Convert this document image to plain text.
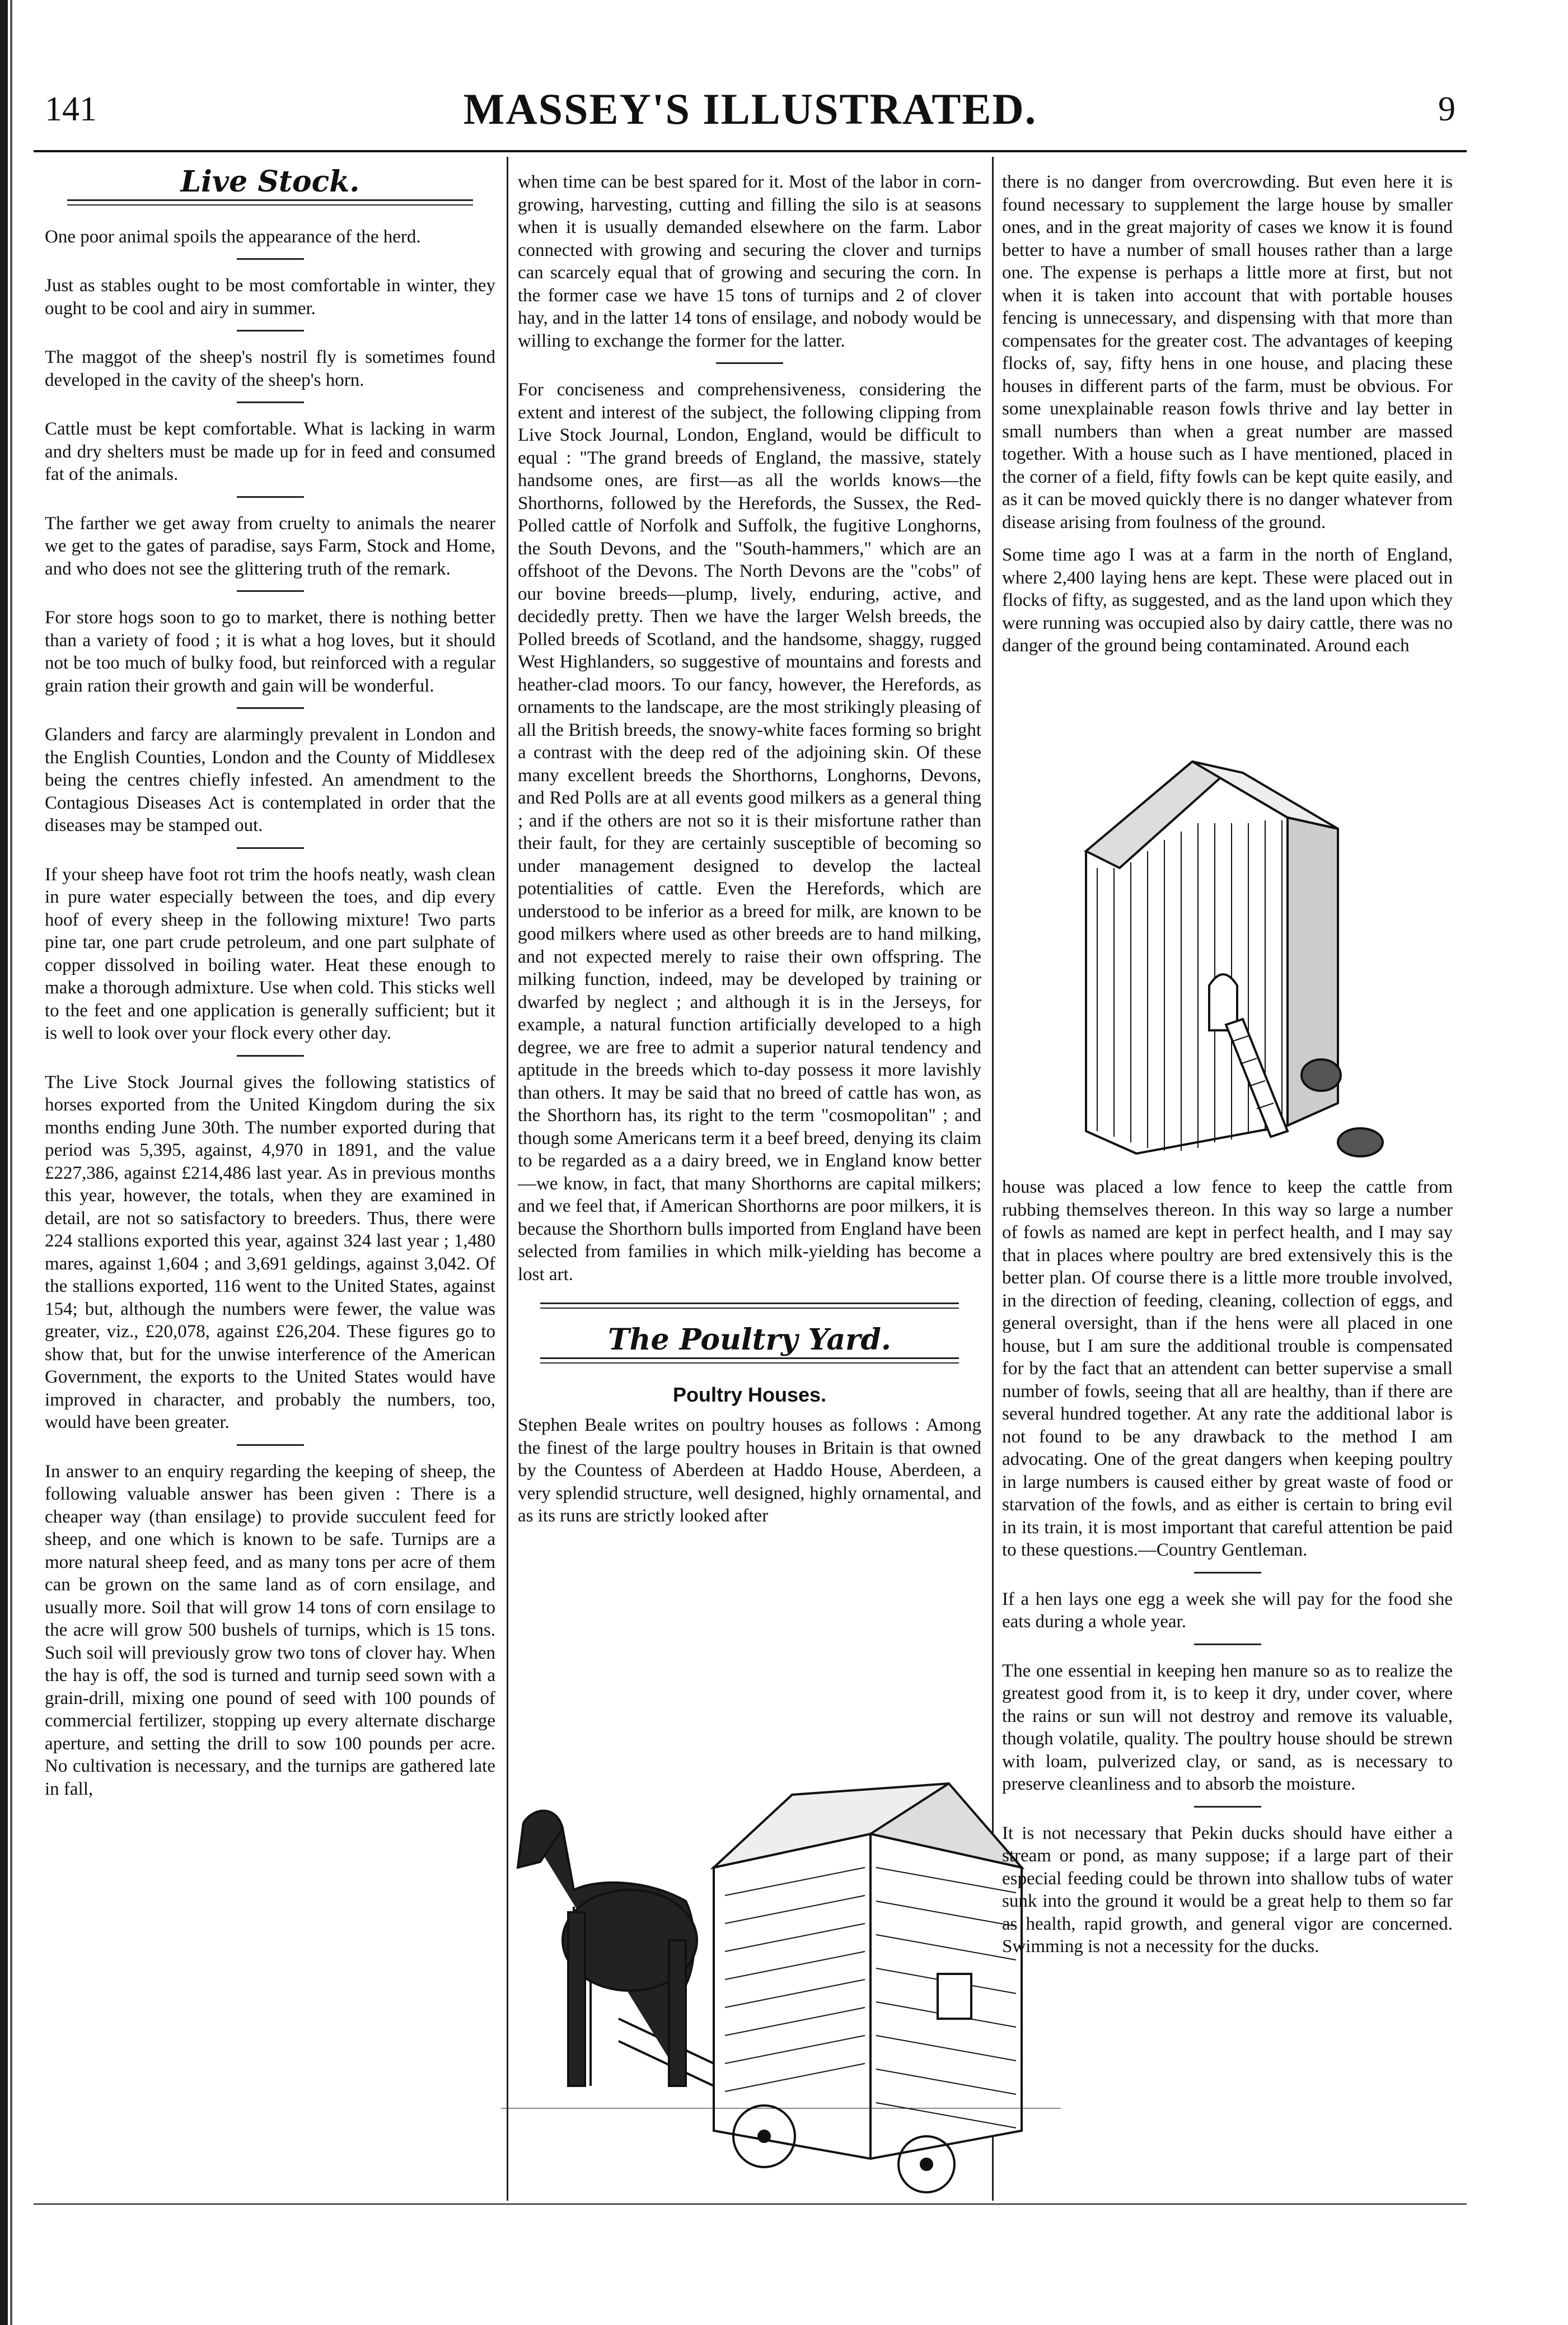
141	MASSEY'S ILLUSTRATED.	9
Live Stock.

One poor animal spoils the appearance of the herd.

Just as stables ought to be most comfortable in winter, they ought to be cool and airy in summer.

The maggot of the sheep's nostril fly is sometimes found developed in the cavity of the sheep's horn.

Cattle must be kept comfortable. What is lacking in warm and dry shelters must be made up for in feed and consumed fat of the animals.

The farther we get away from cruelty to animals the nearer we get to the gates of paradise, says Farm, Stock and Home, and who does not see the glittering truth of the remark.

For store hogs soon to go to market, there is nothing better than a variety of food ; it is what a hog loves, but it should not be too much of bulky food, but reinforced with a regular grain ration their growth and gain will be wonderful.

Glanders and farcy are alarmingly prevalent in London and the English Counties, London and the County of Middlesex being the centres chiefly infested. An amendment to the Contagious Diseases Act is contemplated in order that the diseases may be stamped out.

If your sheep have foot rot trim the hoofs neatly, wash clean in pure water especially between the toes, and dip every hoof of every sheep in the following mixture! Two parts pine tar, one part crude petroleum, and one part sulphate of copper dissolved in boiling water. Heat these enough to make a thorough admixture. Use when cold. This sticks well to the feet and one application is generally sufficient; but it is well to look over your flock every other day.

The Live Stock Journal gives the following statistics of horses exported from the United Kingdom during the six months ending June 30th. The number exported during that period was 5,395, against, 4,970 in 1891, and the value £227,386, against £214,486 last year. As in previous months this year, however, the totals, when they are examined in detail, are not so satisfactory to breeders. Thus, there were 224 stallions exported this year, against 324 last year ; 1,480 mares, against 1,604 ; and 3,691 geldings, against 3,042. Of the stallions exported, 116 went to the United States, against 154; but, although the numbers were fewer, the value was greater, viz., £20,078, against £26,204. These figures go to show that, but for the unwise interference of the American Government, the exports to the United States would have improved in character, and probably the numbers, too, would have been greater.

In answer to an enquiry regarding the keeping of sheep, the following valuable answer has been given : There is a cheaper way (than ensilage) to provide succulent feed for sheep, and one which is known to be safe. Turnips are a more natural sheep feed, and as many tons per acre of them can be grown on the same land as of corn ensilage, and usually more. Soil that will grow 14 tons of corn ensilage to the acre will grow 500 bushels of turnips, which is 15 tons. Such soil will previously grow two tons of clover hay. When the hay is off, the sod is turned and turnip seed sown with a grain-drill, mixing one pound of seed with 100 pounds of commercial fertilizer, stopping up every alternate discharge aperture, and setting the drill to sow 100 pounds per acre. No cultivation is necessary, and the turnips are gathered late in fall,

when time can be best spared for it. Most of the labor in corn-growing, harvesting, cutting and filling the silo is at seasons when it is usually demanded elsewhere on the farm. Labor connected with growing and securing the clover and turnips can scarcely equal that of growing and securing the corn. In the former case we have 15 tons of turnips and 2 of clover hay, and in the latter 14 tons of ensilage, and nobody would be willing to exchange the former for the latter.

For conciseness and comprehensiveness, considering the extent and interest of the subject, the following clipping from Live Stock Journal, London, England, would be difficult to equal : "The grand breeds of England, the massive, stately handsome ones, are first—as all the worlds knows—the Shorthorns, followed by the Herefords, the Sussex, the Red-Polled cattle of Norfolk and Suffolk, the fugitive Longhorns, the South Devons, and the "South-hammers," which are an offshoot of the Devons. The North Devons are the "cobs" of our bovine breeds—plump, lively, enduring, active, and decidedly pretty. Then we have the larger Welsh breeds, the Polled breeds of Scotland, and the handsome, shaggy, rugged West Highlanders, so suggestive of mountains and forests and heather-clad moors. To our fancy, however, the Herefords, as ornaments to the landscape, are the most strikingly pleasing of all the British breeds, the snowy-white faces forming so bright a contrast with the deep red of the adjoining skin. Of these many excellent breeds the Shorthorns, Longhorns, Devons, and Red Polls are at all events good milkers as a general thing ; and if the others are not so it is their misfortune rather than their fault, for they are certainly susceptible of becoming so under management designed to develop the lacteal potentialities of cattle. Even the Herefords, which are understood to be inferior as a breed for milk, are known to be good milkers where used as other breeds are to hand milking, and not expected merely to raise their own offspring. The milking function, indeed, may be developed by training or dwarfed by neglect ; and although it is in the Jerseys, for example, a natural function artificially developed to a high degree, we are free to admit a superior natural tendency and aptitude in the breeds which to-day possess it more lavishly than others. It may be said that no breed of cattle has won, as the Shorthorn has, its right to the term "cosmopolitan" ; and though some Americans term it a beef breed, denying its claim to be regarded as a a dairy breed, we in England know better—we know, in fact, that many Shorthorns are capital milkers; and we feel that, if American Shorthorns are poor milkers, it is because the Shorthorn bulls imported from England have been selected from families in which milk-yielding has become a lost art.

The Poultry Yard.
Poultry Houses.

Stephen Beale writes on poultry houses as follows : Among the finest of the large poultry houses in Britain is that owned by the Countess of Aberdeen at Haddo House, Aberdeen, a very splendid structure, well designed, highly ornamental, and as its runs are strictly looked after

there is no danger from overcrowding. But even here it is found necessary to supplement the large house by smaller ones, and in the great majority of cases we know it is found better to have a number of small houses rather than a large one. The expense is perhaps a little more at first, but not when it is taken into account that with portable houses fencing is unnecessary, and dispensing with that more than compensates for the greater cost. The advantages of keeping flocks of, say, fifty hens in one house, and placing these houses in different parts of the farm, must be obvious. For some unexplainable reason fowls thrive and lay better in small numbers than when a great number are massed together. With a house such as I have mentioned, placed in the corner of a field, fifty fowls can be kept quite easily, and as it can be moved quickly there is no danger whatever from disease arising from foulness of the ground.

Some time ago I was at a farm in the north of England, where 2,400 laying hens are kept. These were placed out in flocks of fifty, as suggested, and as the land upon which they were running was occupied also by dairy cattle, there was no danger of the ground being contaminated. Around each

house was placed a low fence to keep the cattle from rubbing themselves thereon. In this way so large a number of fowls as named are kept in perfect health, and I may say that in places where poultry are bred extensively this is the better plan. Of course there is a little more trouble involved, in the direction of feeding, cleaning, collection of eggs, and general oversight, than if the hens were all placed in one house, but I am sure the additional trouble is compensated for by the fact that an attendent can better supervise a small number of fowls, seeing that all are healthy, than if there are several hundred together. At any rate the additional labor is not found to be any drawback to the method I am advocating. One of the great dangers when keeping poultry in large numbers is caused either by great waste of food or starvation of the fowls, and as either is certain to bring evil in its train, it is most important that careful attention be paid to these questions.—Country Gentleman.

If a hen lays one egg a week she will pay for the food she eats during a whole year.

The one essential in keeping hen manure so as to realize the greatest good from it, is to keep it dry, under cover, where the rains or sun will not destroy and remove its valuable, though volatile, quality. The poultry house should be strewn with loam, pulverized clay, or sand, as is necessary to preserve cleanliness and to absorb the moisture.

It is not necessary that Pekin ducks should have either a stream or pond, as many suppose; if a large part of their especial feeding could be thrown into shallow tubs of water sunk into the ground it would be a great help to them so far as health, rapid growth, and general vigor are concerned. Swimming is not a necessity for the ducks.
